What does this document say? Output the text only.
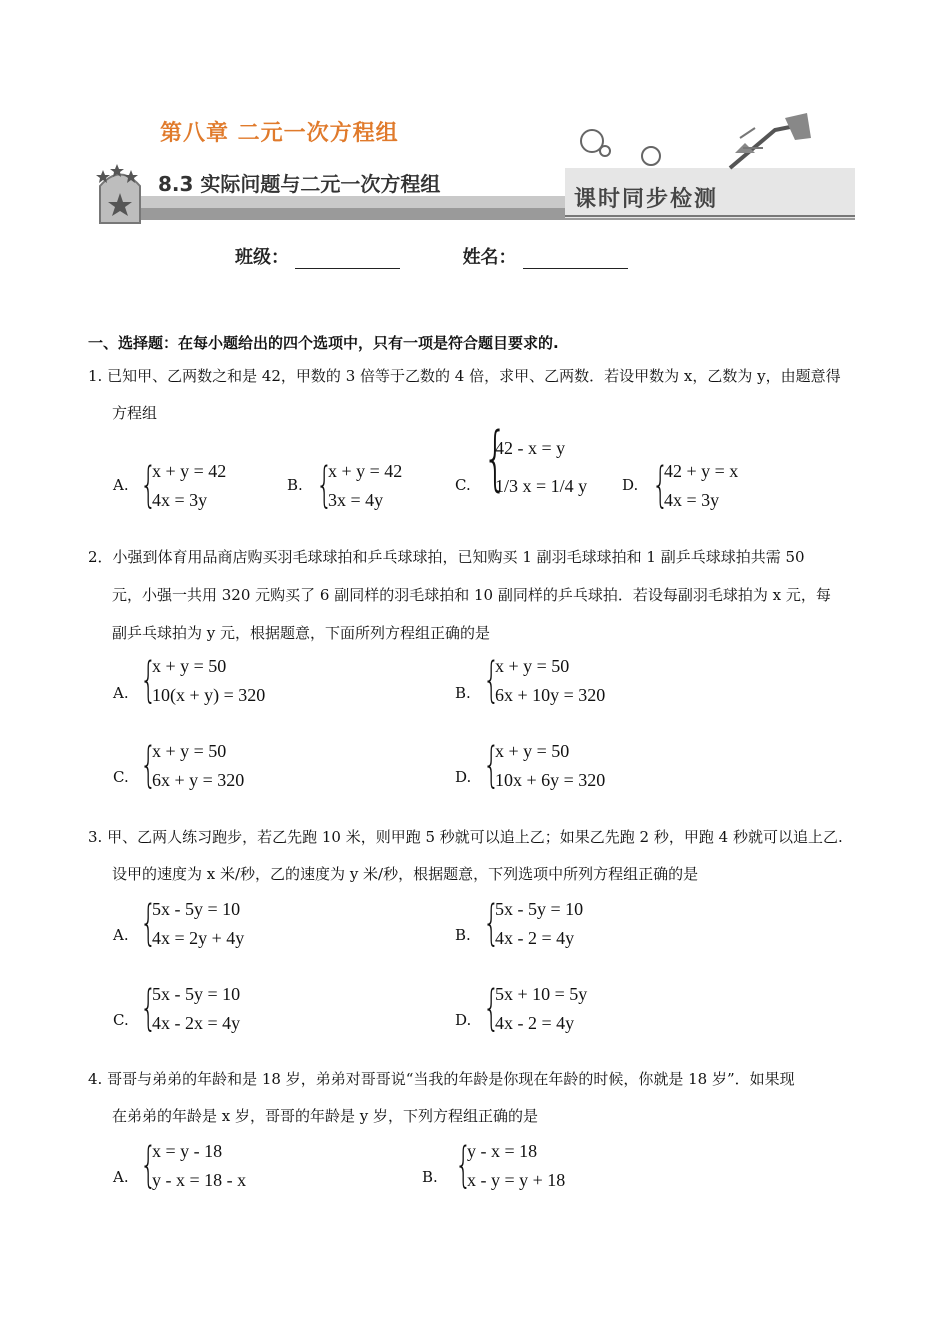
第八章 二元一次方程组
8.3 实际问题与二元一次方程组
课时同步检测
班级：	姓名：
一、选择题：在每小题给出的四个选项中，只有一项是符合题目要求的.
1. 已知甲、乙两数之和是 42，甲数的 3 倍等于乙数的 4 倍，求甲、乙两数．若设甲数为 x，乙数为 y，由题意得
方程组
A. {
x + y = 42
4x = 3y
B. {
x + y = 42
3x = 4y
C. {
42 - x = y
1/3 x = 1/4 y D. {
42 + y = x
4x = 3y
2．小强到体育用品商店购买羽毛球球拍和乒乓球球拍，已知购买 1 副羽毛球球拍和 1 副乒乓球球拍共需 50
元，小强一共用 320 元购买了 6 副同样的羽毛球拍和 10 副同样的乒乓球拍．若设每副羽毛球拍为 x 元，每
副乒乓球拍为 y 元，根据题意，下面所列方程组正确的是
A. {
x + y = 50
10(x + y) = 320	B. {
x + y = 50
6x + 10y = 320
C. {
x + y = 50
6x + y = 320	D. {
x + y = 50
10x + 6y = 320
3. 甲、乙两人练习跑步，若乙先跑 10 米，则甲跑 5 秒就可以追上乙；如果乙先跑 2 秒，甲跑 4 秒就可以追上乙.
设甲的速度为 x 米/秒，乙的速度为 y 米/秒，根据题意，下列选项中所列方程组正确的是
A. {
5x - 5y = 10
4x = 2y + 4y	B. {
5x - 5y = 10
4x - 2 = 4y
C. {
5x - 5y = 10
4x - 2x = 4y	D. {
5x + 10 = 5y
4x - 2 = 4y
4. 哥哥与弟弟的年龄和是 18 岁，弟弟对哥哥说“当我的年龄是你现在年龄的时候，你就是 18 岁”．如果现
在弟弟的年龄是 x 岁，哥哥的年龄是 y 岁，下列方程组正确的是
A. {
x = y - 18
y - x = 18 - x	B. {
y - x = 18
x - y = y + 18
